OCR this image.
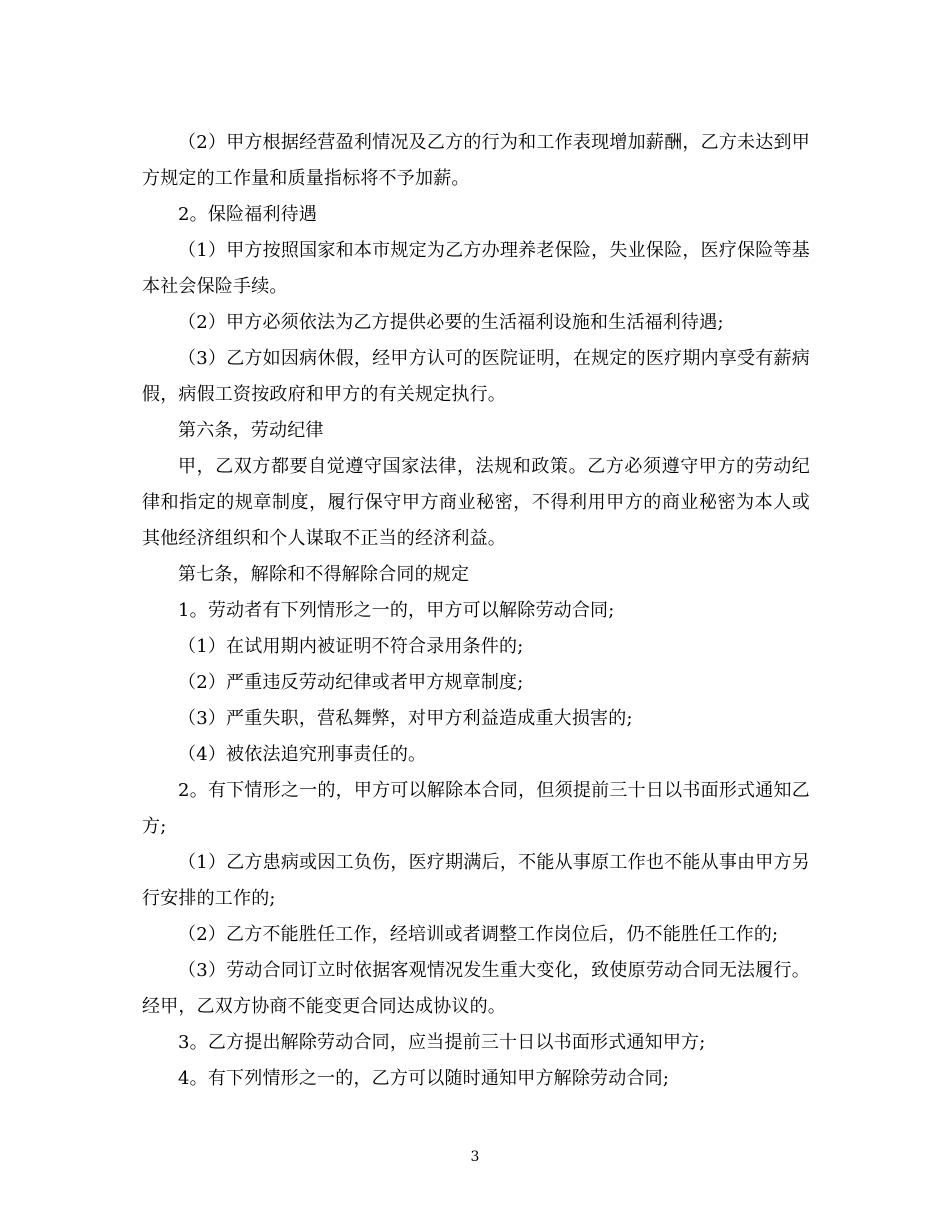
（2）甲方根据经营盈利情况及乙方的行为和工作表现增加薪酬，乙方未达到甲方规定的工作量和质量指标将不予加薪。

2。保险福利待遇

（1）甲方按照国家和本市规定为乙方办理养老保险，失业保险，医疗保险等基本社会保险手续。

（2）甲方必须依法为乙方提供必要的生活福利设施和生活福利待遇;

（3）乙方如因病休假，经甲方认可的医院证明，在规定的医疗期内享受有薪病假，病假工资按政府和甲方的有关规定执行。

第六条，劳动纪律

甲，乙双方都要自觉遵守国家法律，法规和政策。乙方必须遵守甲方的劳动纪律和指定的规章制度，履行保守甲方商业秘密，不得利用甲方的商业秘密为本人或其他经济组织和个人谋取不正当的经济利益。

第七条，解除和不得解除合同的规定

1。劳动者有下列情形之一的，甲方可以解除劳动合同;

（1）在试用期内被证明不符合录用条件的;

（2）严重违反劳动纪律或者甲方规章制度;

（3）严重失职，营私舞弊，对甲方利益造成重大损害的;

（4）被依法追究刑事责任的。

2。有下情形之一的，甲方可以解除本合同，但须提前三十日以书面形式通知乙方;

（1）乙方患病或因工负伤，医疗期满后，不能从事原工作也不能从事由甲方另行安排的工作的;

（2）乙方不能胜任工作，经培训或者调整工作岗位后，仍不能胜任工作的;

（3）劳动合同订立时依据客观情况发生重大变化，致使原劳动合同无法履行。经甲，乙双方协商不能变更合同达成协议的。

3。乙方提出解除劳动合同，应当提前三十日以书面形式通知甲方;

4。有下列情形之一的，乙方可以随时通知甲方解除劳动合同;

3
